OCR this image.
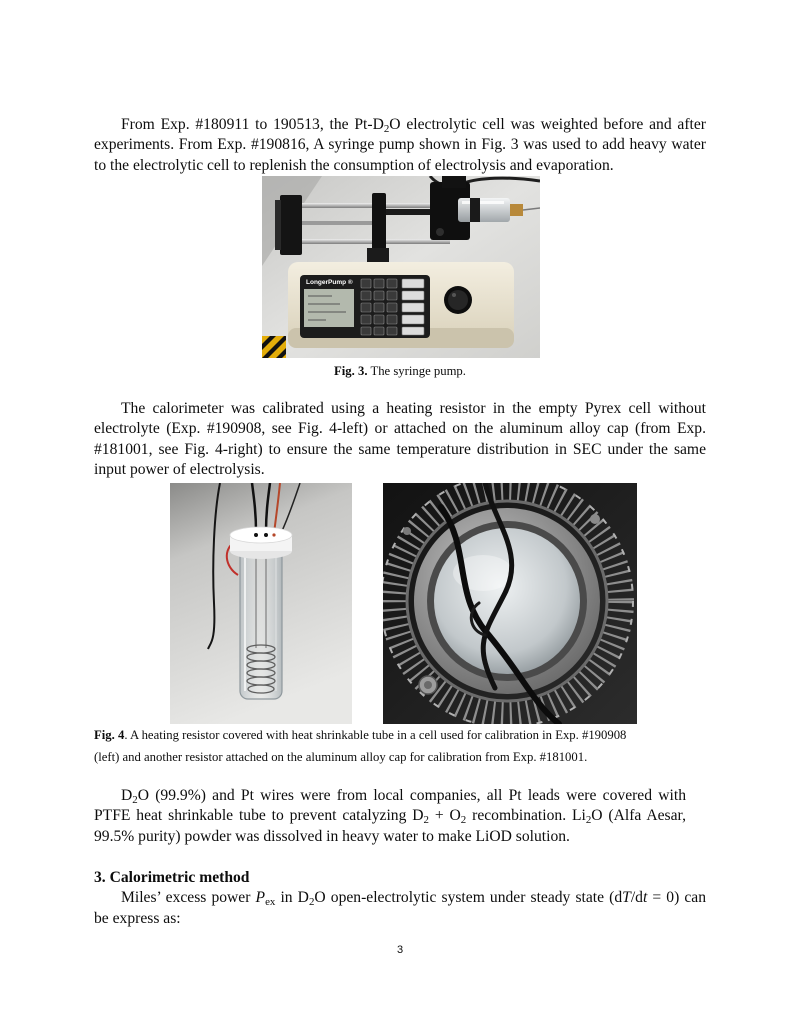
From Exp. #180911 to 190513, the $Pt-D_2O$ electrolytic cell was weighted before and after
experiments. From Exp. #190816, A syringe pump shown in Fig. 3 was used to add heavy water
to the electrolytic cell to replenish the consumption of electrolysis and evaporation.
LongerPump ®
Fig. 3. The syringe pump.
The calorimeter was calibrated using a heating resistor in the empty Pyrex cell without
electrolyte (Exp. #190908, see Fig. 4-left) or attached on the aluminum alloy cap (from Exp.
#181001, see Fig. 4-right) to ensure the same temperature distribution in SEC under the same
input power of electrolysis.
Fig. 4. A heating resistor covered with heat shrinkable tube in a cell used for calibration in Exp. #190908
(left) and another resistor attached on the aluminum alloy cap for calibration from Exp. #181001.
$D_2O$ (99.9%) and Pt wires were from local companies, all Pt leads were covered with
PTFE heat shrinkable tube to prevent catalyzing $D_2 + O_2$ recombination. $Li_2O$ (Alfa Aesar,
99.5% purity) powder was dissolved in heavy water to make LiOD solution.
3. Calorimetric method
Miles’ excess power $P_{ex}$ in $D_2O$ open-electrolytic system under steady state (dT/dt = 0) can
be express as:
3
